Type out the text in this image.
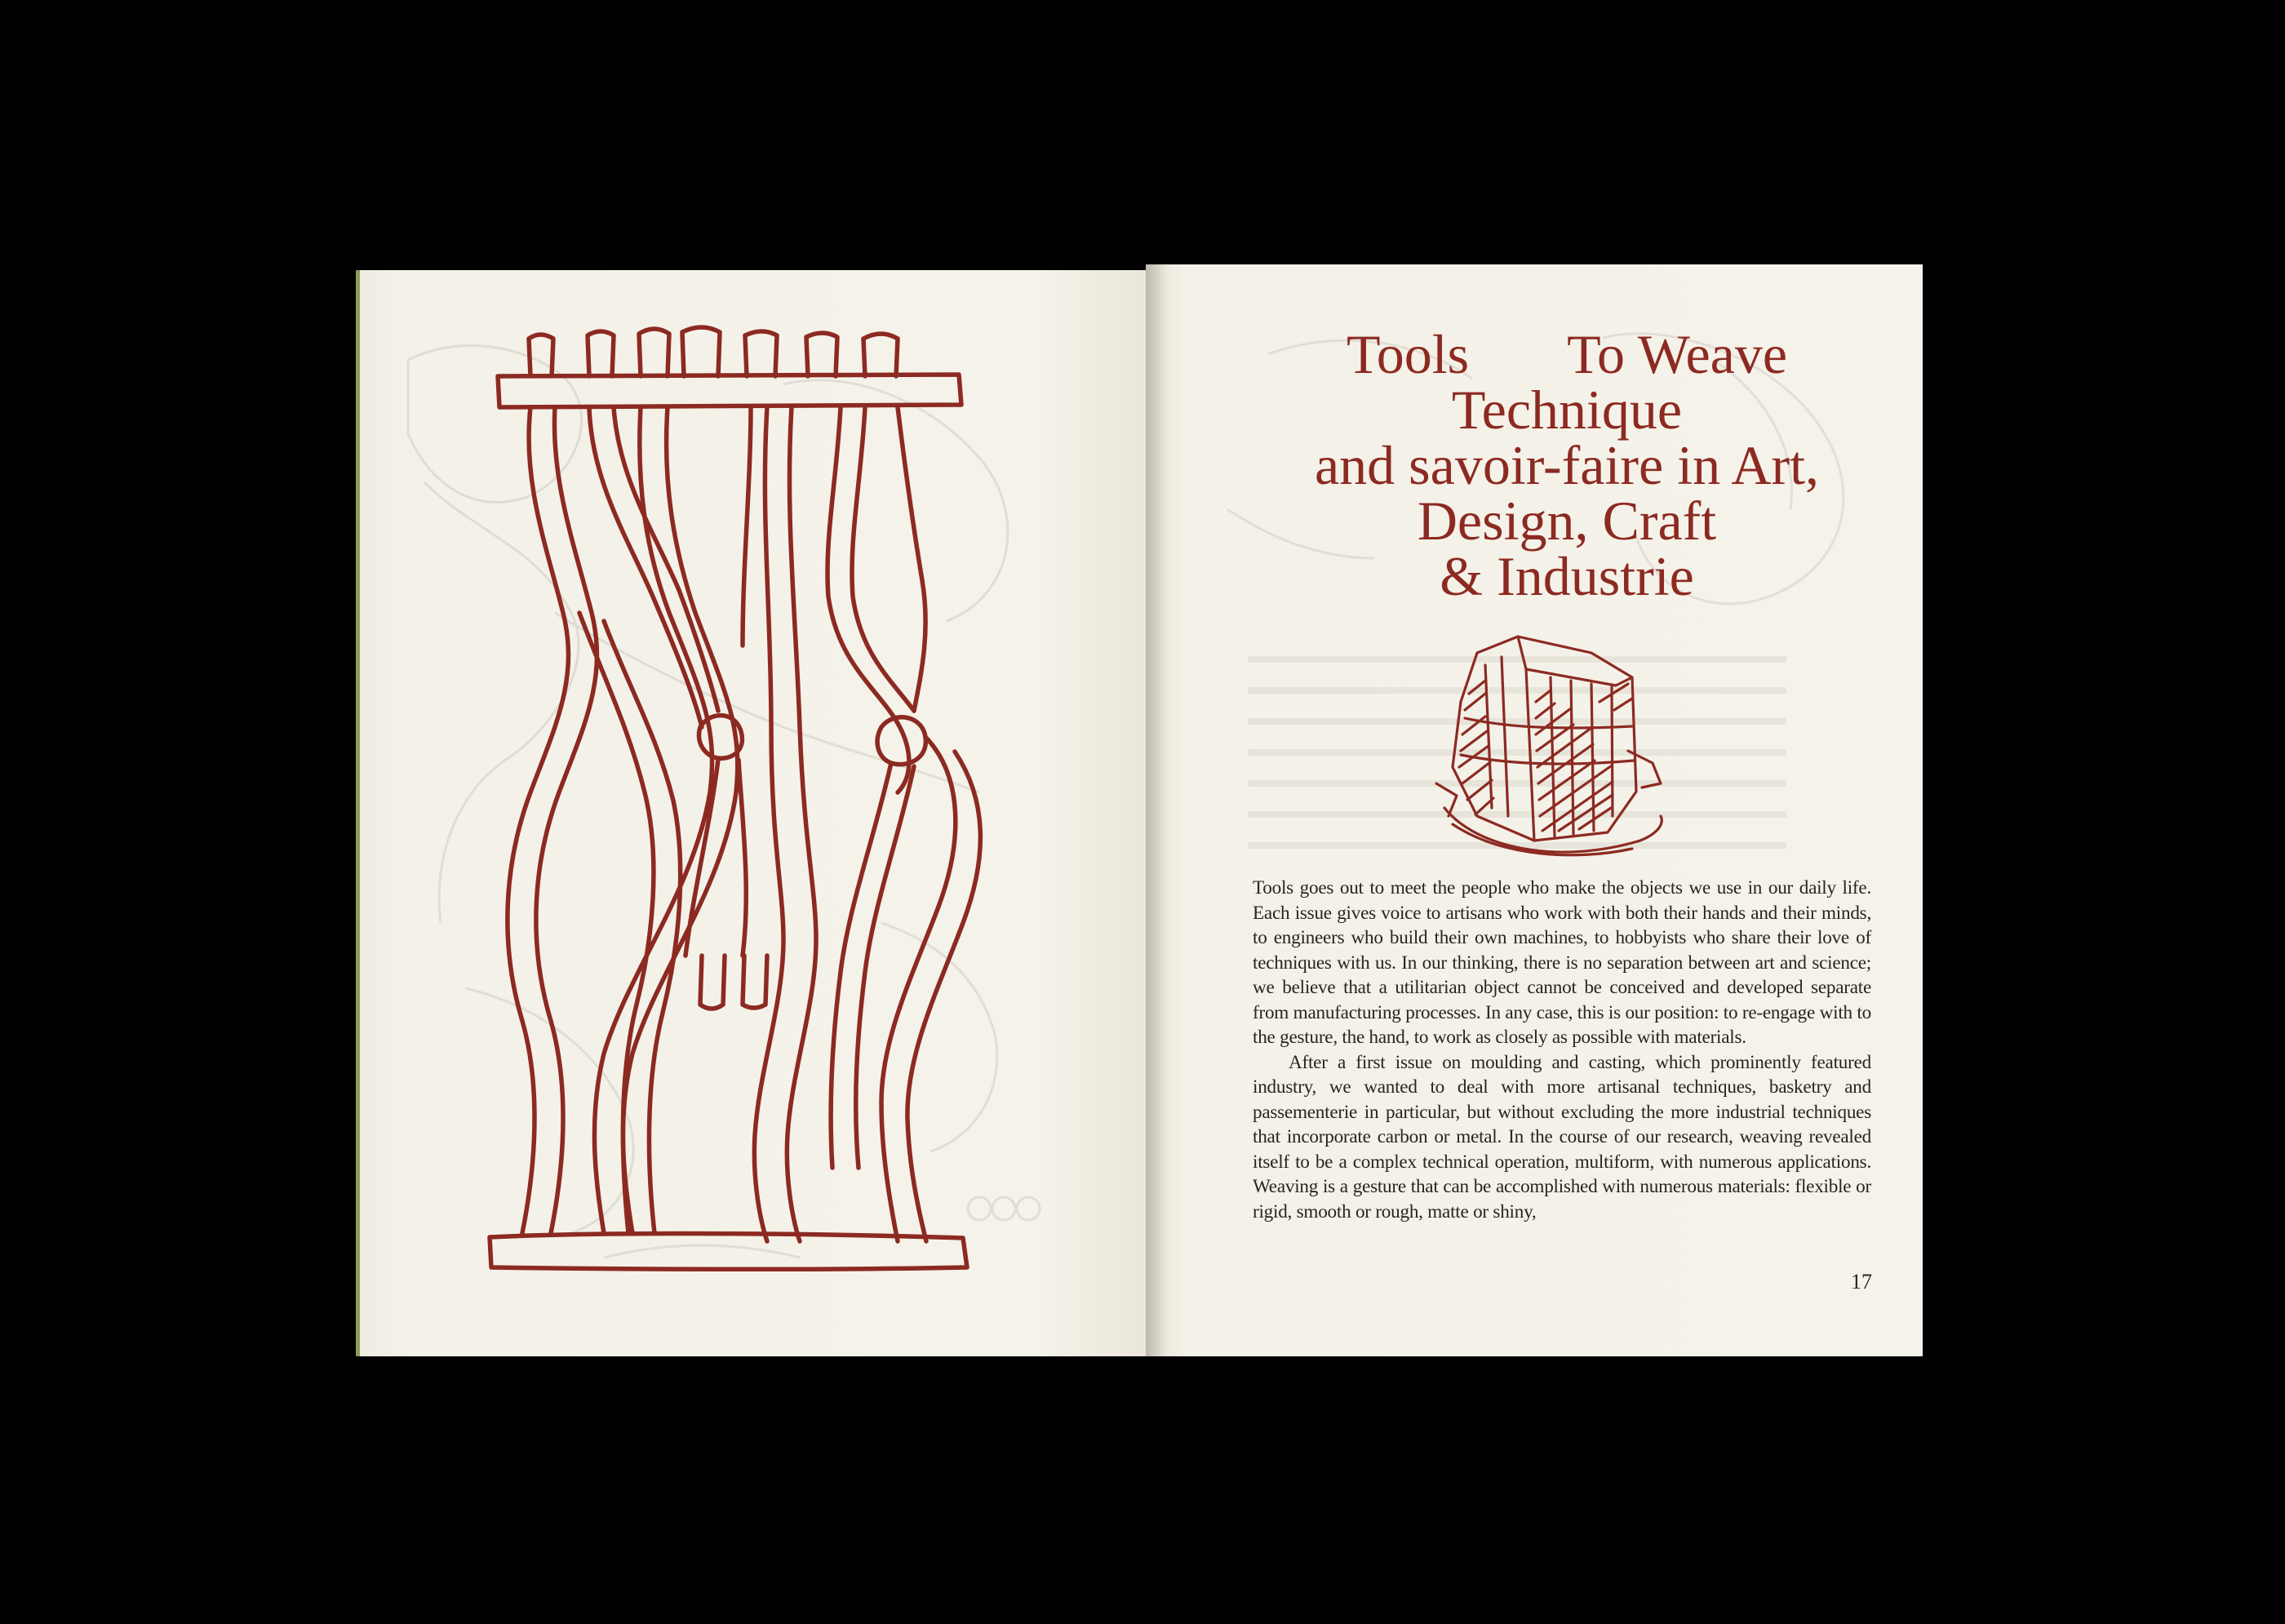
Tools To Weave
Technique
and savoir-faire in Art,
Design, Craft
& Industrie

Tools goes out to meet the people who make the objects we use in our daily life. Each issue gives voice to artisans who work with both their hands and their minds, to engineers who build their own machines, to hobbyists who share their love of techniques with us. In our thinking, there is no separation between art and science; we believe that a utilitarian object cannot be conceived and developed separate from manufacturing processes. In any case, this is our position: to re-engage with to the gesture, the hand, to work as closely as possible with materials.

After a first issue on moulding and casting, which prominently featured industry, we wanted to deal with more artisanal techniques, basketry and passementerie in particular, but without excluding the more industrial techniques that incorporate carbon or metal. In the course of our research, weaving revealed itself to be a complex technical operation, multiform, with numerous applications. Weaving is a gesture that can be accomplished with numerous materials: flexible or rigid, smooth or rough, matte or shiny,

17
